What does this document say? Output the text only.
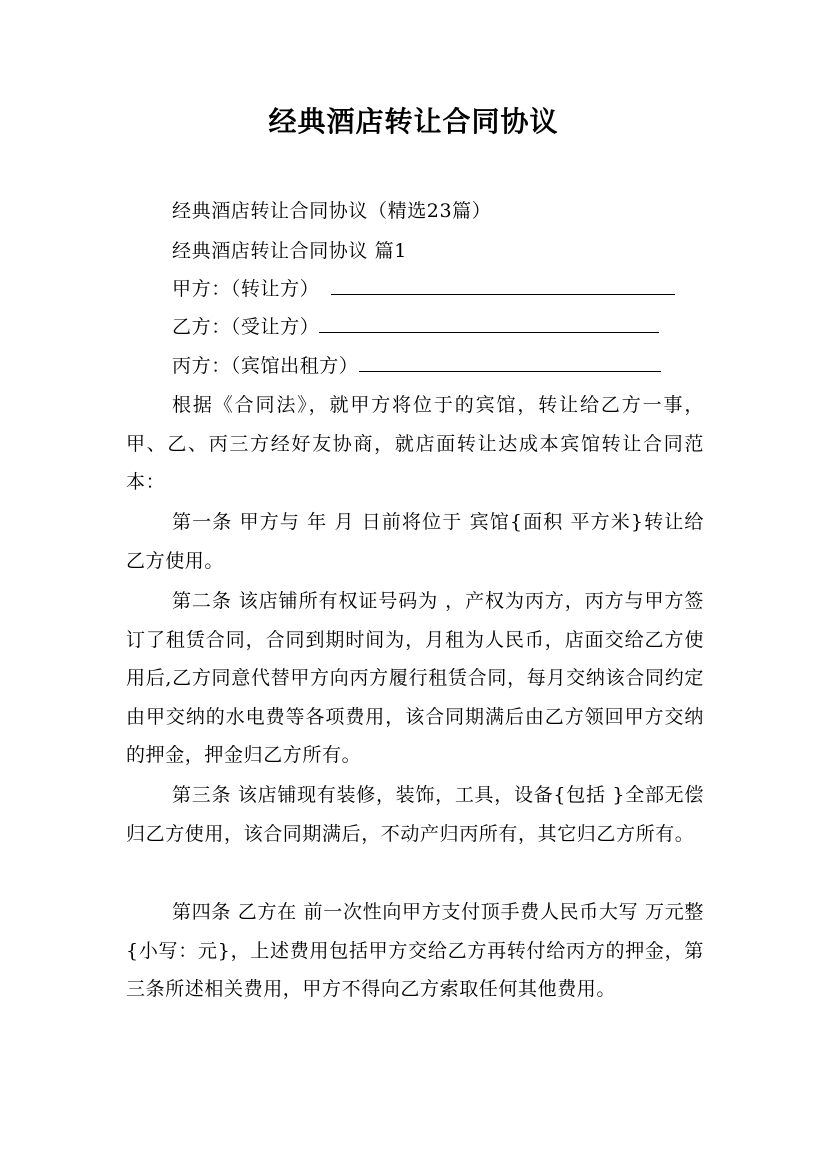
经典酒店转让合同协议
经典酒店转让合同协议（精选23篇）
经典酒店转让合同协议 篇1
甲方：（转让方）
乙方：（受让方）
丙方：（宾馆出租方）
根据《合同法》，就甲方将位于的宾馆，转让给乙方一事，甲、乙、丙三方经好友协商，就店面转让达成本宾馆转让合同范本：
第一条 甲方与 年 月 日前将位于 宾馆{面积 平方米}转让给乙方使用。
第二条 该店铺所有权证号码为 ，产权为丙方，丙方与甲方签订了租赁合同，合同到期时间为，月租为人民币，店面交给乙方使用后,乙方同意代替甲方向丙方履行租赁合同，每月交纳该合同约定由甲交纳的水电费等各项费用，该合同期满后由乙方领回甲方交纳的押金，押金归乙方所有。
第三条 该店铺现有装修，装饰，工具，设备{包括 }全部无偿归乙方使用，该合同期满后，不动产归丙所有，其它归乙方所有。
第四条 乙方在 前一次性向甲方支付顶手费人民币大写 万元整{小写：元}，上述费用包括甲方交给乙方再转付给丙方的押金，第三条所述相关费用，甲方不得向乙方索取任何其他费用。
